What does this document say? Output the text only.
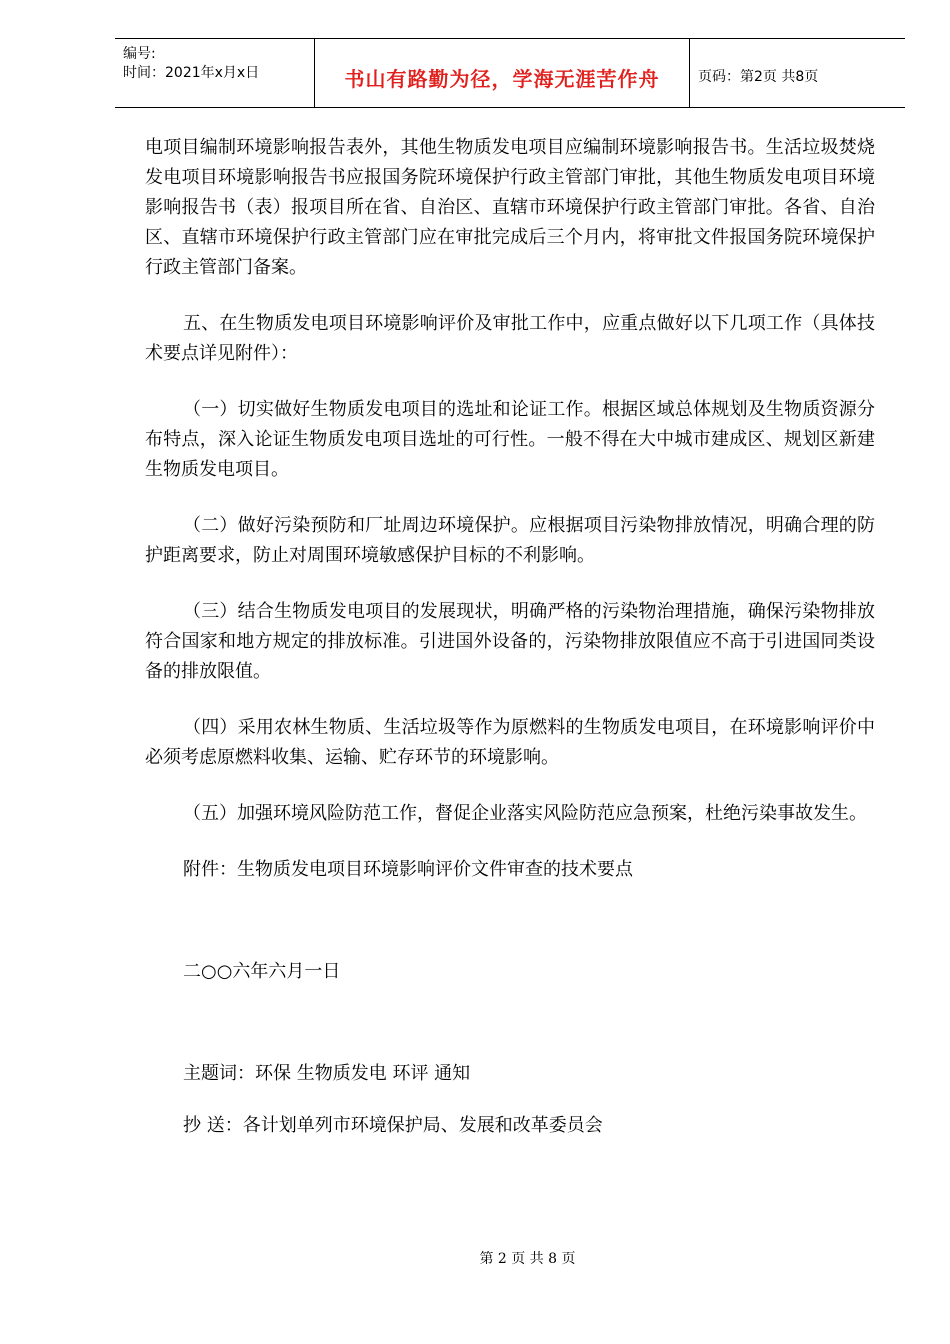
编号:
时间：2021年x月x日	书山有路勤为径，学海无涯苦作舟	页码：第2页 共8页

电项目编制环境影响报告表外，其他生物质发电项目应编制环境影响报告书。生活垃圾焚烧发电项目环境影响报告书应报国务院环境保护行政主管部门审批，其他生物质发电项目环境影响报告书（表）报项目所在省、自治区、直辖市环境保护行政主管部门审批。各省、自治区、直辖市环境保护行政主管部门应在审批完成后三个月内，将审批文件报国务院环境保护行政主管部门备案。

五、在生物质发电项目环境影响评价及审批工作中，应重点做好以下几项工作（具体技术要点详见附件）：

（一）切实做好生物质发电项目的选址和论证工作。根据区域总体规划及生物质资源分布特点，深入论证生物质发电项目选址的可行性。一般不得在大中城市建成区、规划区新建生物质发电项目。

（二）做好污染预防和厂址周边环境保护。应根据项目污染物排放情况，明确合理的防护距离要求，防止对周围环境敏感保护目标的不利影响。

（三）结合生物质发电项目的发展现状，明确严格的污染物治理措施，确保污染物排放符合国家和地方规定的排放标准。引进国外设备的，污染物排放限值应不高于引进国同类设备的排放限值。

（四）采用农林生物质、生活垃圾等作为原燃料的生物质发电项目，在环境影响评价中必须考虑原燃料收集、运输、贮存环节的环境影响。

（五）加强环境风险防范工作，督促企业落实风险防范应急预案，杜绝污染事故发生。

附件：生物质发电项目环境影响评价文件审查的技术要点

二○○六年六月一日

主题词：环保 生物质发电 环评 通知

抄 送：各计划单列市环境保护局、发展和改革委员会

第 2 页 共 8 页
